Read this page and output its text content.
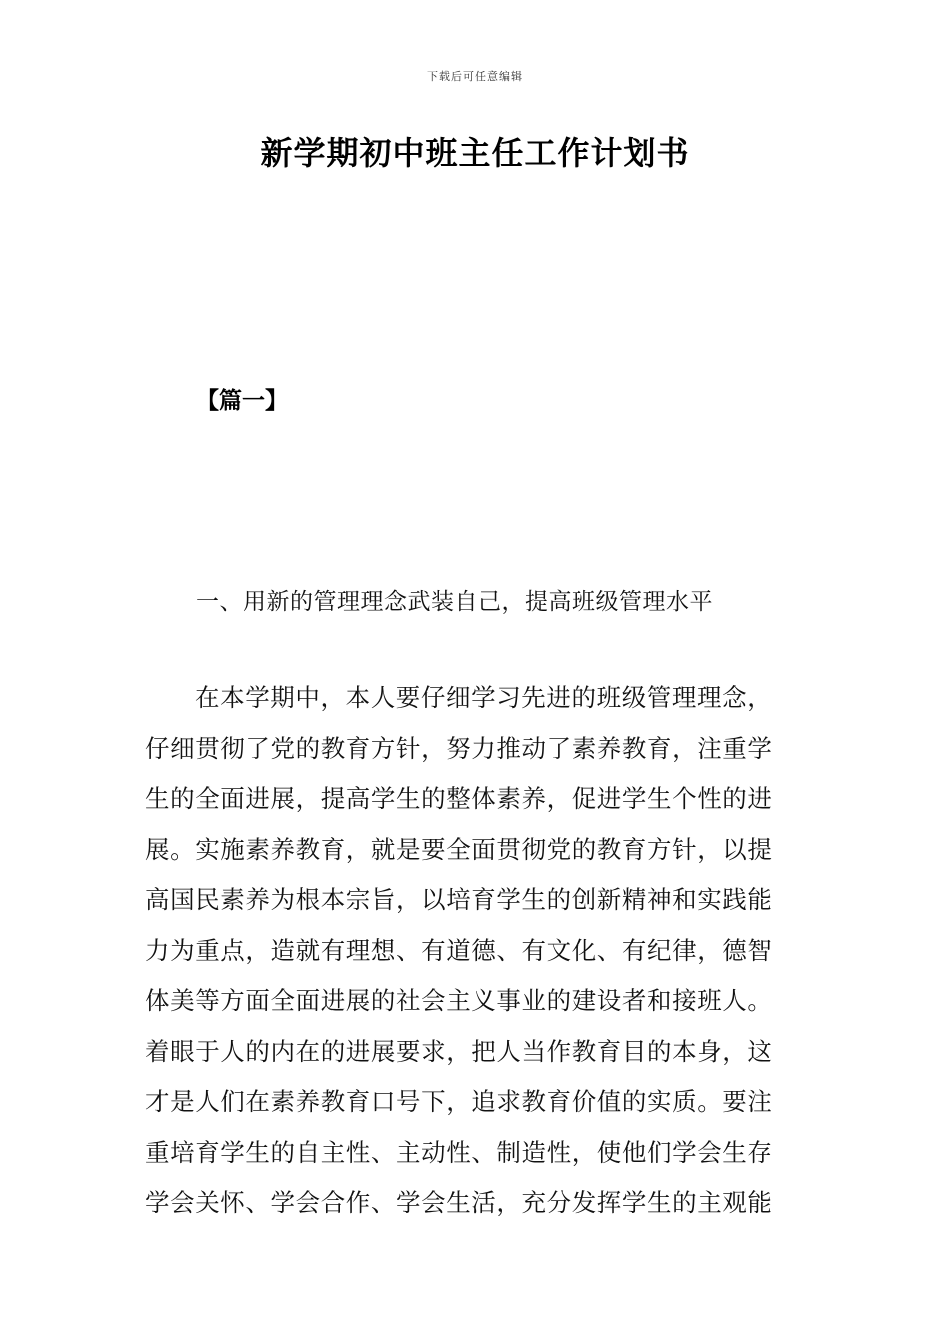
下载后可任意编辑
新学期初中班主任工作计划书
【篇一】
一、用新的管理理念武装自己，提高班级管理水平
在本学期中，本人要仔细学习先进的班级管理理念，
仔细贯彻了党的教育方针，努力推动了素养教育，注重学
生的全面进展，提高学生的整体素养，促进学生个性的进
展。实施素养教育，就是要全面贯彻党的教育方针，以提
高国民素养为根本宗旨，以培育学生的创新精神和实践能
力为重点，造就有理想、有道德、有文化、有纪律，德智
体美等方面全面进展的社会主义事业的建设者和接班人。
着眼于人的内在的进展要求，把人当作教育目的本身，这
才是人们在素养教育口号下，追求教育价值的实质。要注
重培育学生的自主性、主动性、制造性，使他们学会生存
学会关怀、学会合作、学会生活，充分发挥学生的主观能
